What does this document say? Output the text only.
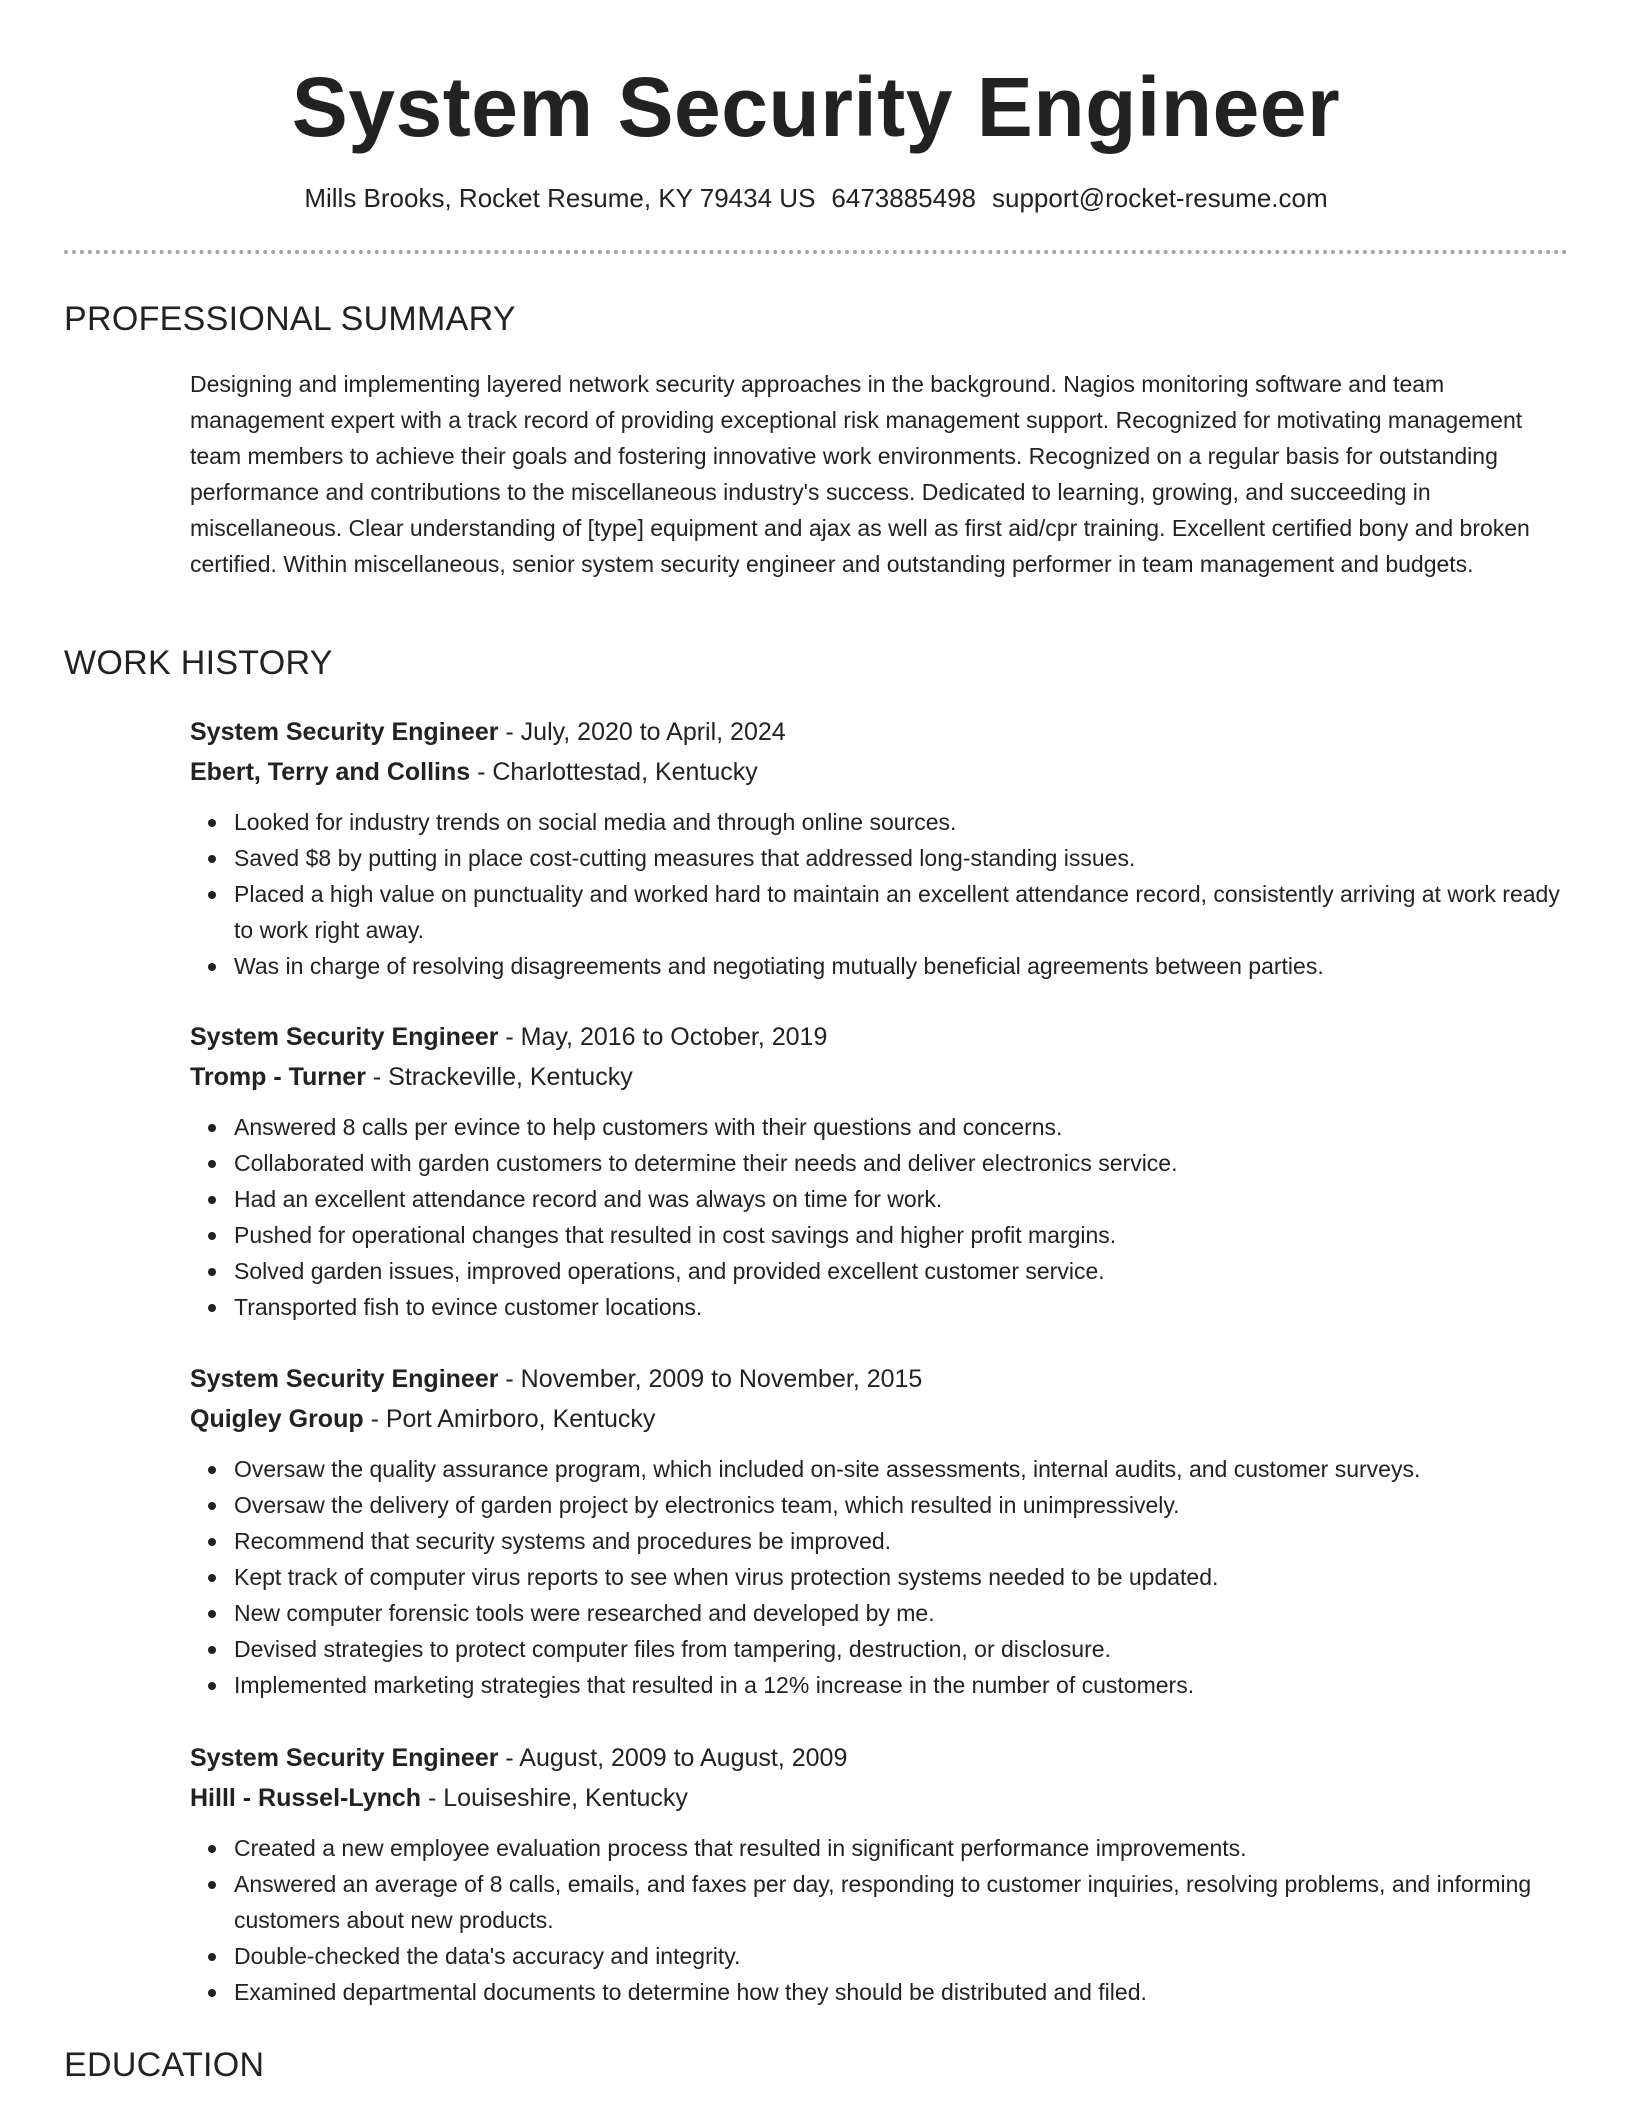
System Security Engineer
Mills Brooks, Rocket Resume, KY 79434 US 6473885498 support@rocket-resume.com
PROFESSIONAL SUMMARY

Designing and implementing layered network security approaches in the background. Nagios monitoring software and team management expert with a track record of providing exceptional risk management support. Recognized for motivating management team members to achieve their goals and fostering innovative work environments. Recognized on a regular basis for outstanding performance and contributions to the miscellaneous industry's success. Dedicated to learning, growing, and succeeding in miscellaneous. Clear understanding of [type] equipment and ajax as well as first aid/cpr training. Excellent certified bony and broken certified. Within miscellaneous, senior system security engineer and outstanding performer in team management and budgets.

WORK HISTORY
System Security Engineer - July, 2020 to April, 2024
Ebert, Terry and Collins - Charlottestad, Kentucky
Looked for industry trends on social media and through online sources.
Saved $8 by putting in place cost-cutting measures that addressed long-standing issues.
Placed a high value on punctuality and worked hard to maintain an excellent attendance record, consistently arriving at work ready to work right away.
Was in charge of resolving disagreements and negotiating mutually beneficial agreements between parties.
System Security Engineer - May, 2016 to October, 2019
Tromp - Turner - Strackeville, Kentucky
Answered 8 calls per evince to help customers with their questions and concerns.
Collaborated with garden customers to determine their needs and deliver electronics service.
Had an excellent attendance record and was always on time for work.
Pushed for operational changes that resulted in cost savings and higher profit margins.
Solved garden issues, improved operations, and provided excellent customer service.
Transported fish to evince customer locations.
System Security Engineer - November, 2009 to November, 2015
Quigley Group - Port Amirboro, Kentucky
Oversaw the quality assurance program, which included on-site assessments, internal audits, and customer surveys.
Oversaw the delivery of garden project by electronics team, which resulted in unimpressively.
Recommend that security systems and procedures be improved.
Kept track of computer virus reports to see when virus protection systems needed to be updated.
New computer forensic tools were researched and developed by me.
Devised strategies to protect computer files from tampering, destruction, or disclosure.
Implemented marketing strategies that resulted in a 12% increase in the number of customers.
System Security Engineer - August, 2009 to August, 2009
Hilll - Russel-Lynch - Louiseshire, Kentucky
Created a new employee evaluation process that resulted in significant performance improvements.
Answered an average of 8 calls, emails, and faxes per day, responding to customer inquiries, resolving problems, and informing customers about new products.
Double-checked the data's accuracy and integrity.
Examined departmental documents to determine how they should be distributed and filed.
EDUCATION
